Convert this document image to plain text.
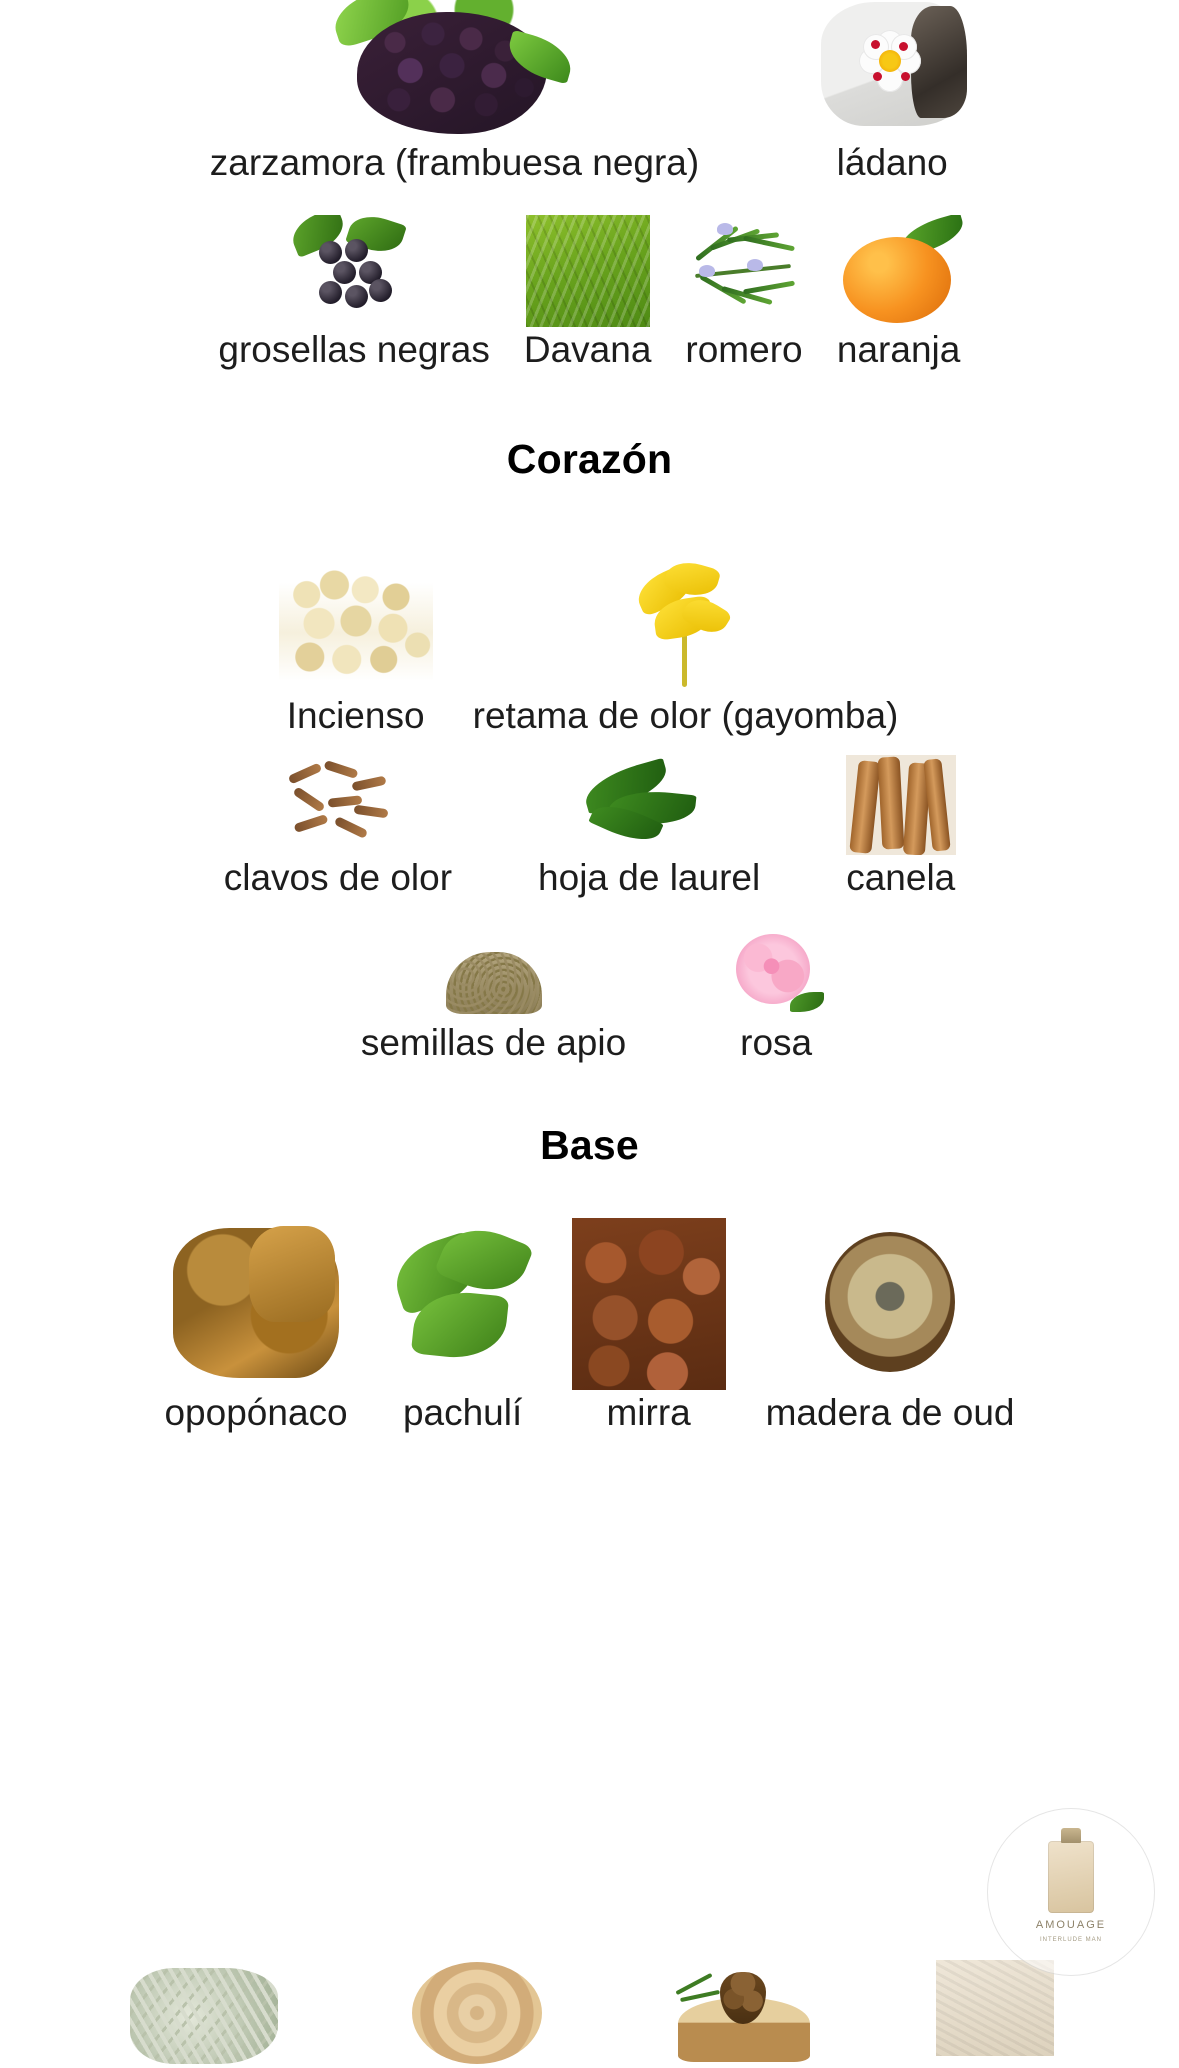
zarzamora (frambuesa negra)	ládano
grosellas negras Davana romero naranja
Corazón
Incienso retama de olor (gayomba)
clavos de olor hoja de laurel canela
semillas de apio	rosa
Base
opopónaco pachulí mirra madera de oud
AMOUAGE
INTERLUDE MAN
